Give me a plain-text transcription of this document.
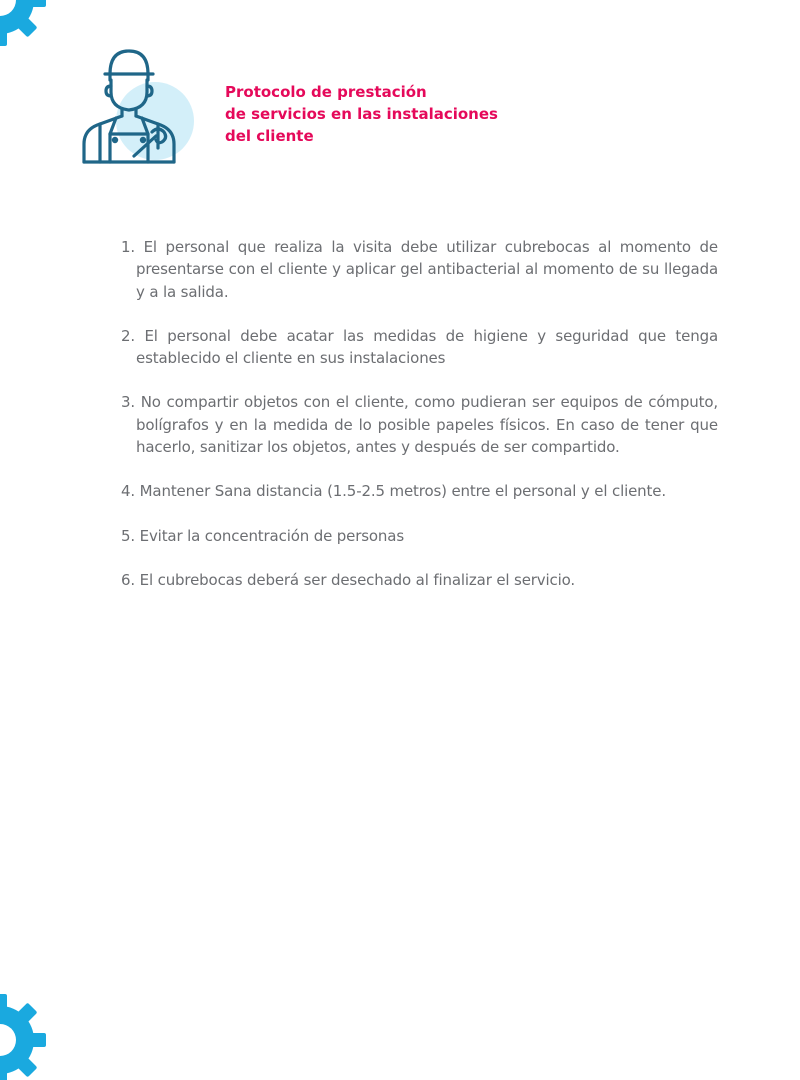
Protocolo de prestación
de servicios en las instalaciones
del cliente
1. El personal que realiza la visita debe utilizar cubrebocas al momento de presentarse con el cliente y aplicar gel antibacterial al momento de su llegada y a la salida.
2. El personal debe acatar las medidas de higiene y seguridad que tenga establecido el cliente en sus instalaciones
3. No compartir objetos con el cliente, como pudieran ser equipos de cómputo, bolígrafos y en la medida de lo posible papeles físicos. En caso de tener que hacerlo, sanitizar los objetos, antes y después de ser compartido.
4. Mantener Sana distancia (1.5-2.5 metros) entre el personal y el cliente.
5. Evitar la concentración de personas
6. El cubrebocas deberá ser desechado al finalizar el servicio.
